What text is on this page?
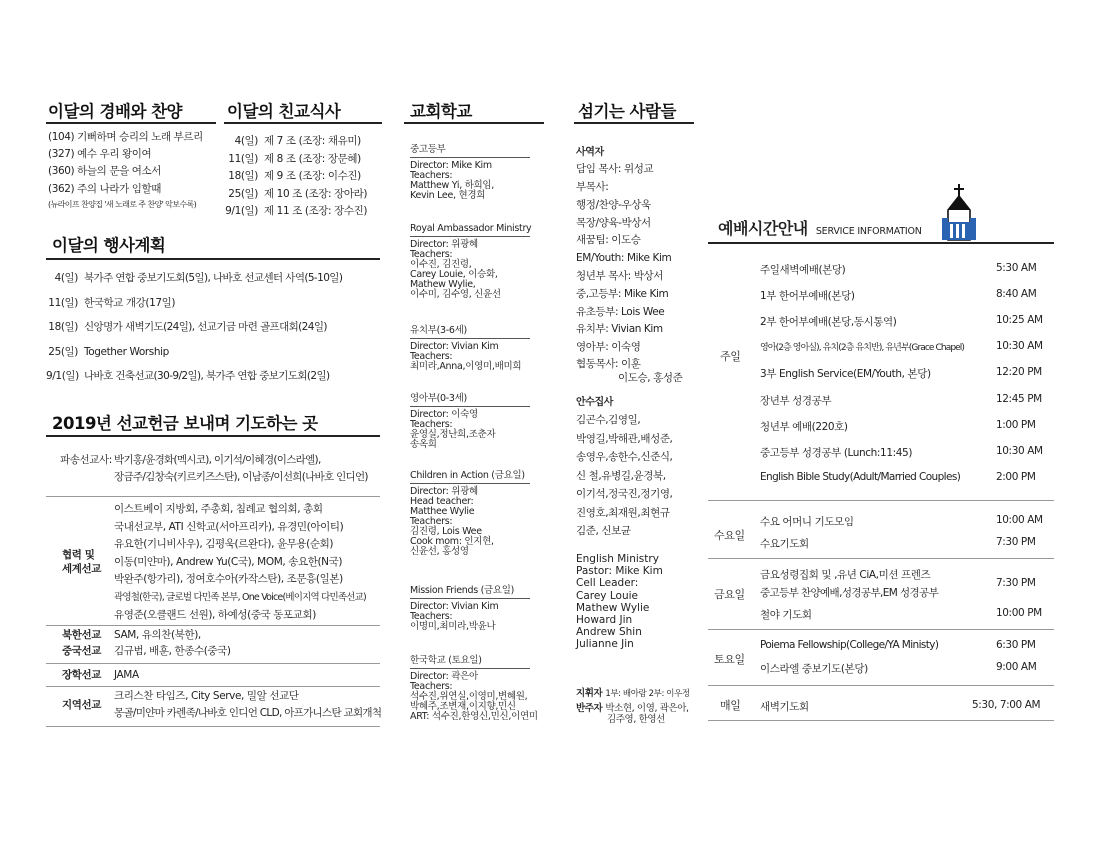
이달의 경배와 찬양
(104) 기뻐하며 승리의 노래 부르리
(327) 예수 우리 왕이여
(360) 하늘의 문을 여소서
(362) 주의 나라가 임할때
(뉴라이프 찬양집 '새 노래로 주 찬양' 악보수록)
이달의 친교식사
4(일) 제 7 조 (조장: 채유미)
11(일) 제 8 조 (조장: 장문혜)
18(일) 제 9 조 (조장: 이수진)
25(일) 제 10 조 (조장: 장아라)
9/1(일) 제 11 조 (조장: 장수진)
이달의 행사계획
4(일) 북가주 연합 중보기도회(5일), 나바호 선교센터 사역(5-10일)
11(일) 한국학교 개강(17일)
18(일) 신앙명가 새벽기도(24일), 선교기금 마련 골프대회(24일)
25(일) Together Worship
9/1(일) 나바호 건축선교(30-9/2일), 북가주 연합 중보기도회(2일)
2019년 선교헌금 보내며 기도하는 곳
파송선교사: 박기홍/윤경화(멕시코), 이기석/이혜경(이스라엘),
장금주/김창숙(키르키즈스탄), 이남종/이선희(나바호 인디언)
협력 및
세계선교
이스트베이 지방회, 주총회, 침례교 협의회, 총회
국내선교부, ATI 신학교(서아프리카), 유경민(아이티)
유요한(기니비사우), 김평욱(르완다), 윤무용(순회)
이동(미얀마), Andrew Yu(C국), MOM, 송요한(N국)
박완주(항가리), 정여호수아(카작스탄), 조문흥(일본)
곽영철(한국), 글로벌 다민족 본부, One Voice(베이지역 다민족선교)
유영준(오클랜드 선원), 하예성(중국 동포교회)
북한선교 SAM, 유의찬(북한),
중국선교 김규범, 배훈, 한종수(중국)
장학선교 JAMA
지역선교
크리스찬 타임즈, City Serve, 밀알 선교단
몽골/미얀마 카렌족/나바호 인디언 CLD, 아프가니스탄 교회개척
교회학교
중고등부
Director: Mike Kim
Teachers:
Matthew Yi, 하희임,
Kevin Lee, 현경희
Royal Ambassador Ministry
Director: 위광혜
Teachers:
이수진, 김진령,
Carey Louie, 이승화,
Mathew Wylie,
이수미, 김수영, 신윤선
유치부(3-6세)
Director: Vivian Kim
Teachers:
최미라,Anna,이영미,배미희
영아부(0-3세)
Director: 이숙영
Teachers:
윤영실,정난희,조춘자
송옥희
Children in Action (금요일)
Director: 위광혜
Head teacher:
Matthee Wylie
Teachers:
김진령, Lois Wee
Cook mom: 인지현,
신윤선, 홍성영
Mission Friends (금요일)
Director: Vivian Kim
Teachers:
이명미,최미라,박윤나
한국학교 (토요일)
Director: 곽은아
Teachers:
석수진,위연실,이영미,변혜원,
박혜주,조변재,이지향,민신
ART: 석수진,한영신,민신,이연미
섬기는 사람들
사역자
담임 목사: 위성교
부목사:
행정/찬양-우상욱
목장/양육-박상서
새꿈팀: 이도승
EM/Youth: Mike Kim
청년부 목사: 박상서
중,고등부: Mike Kim
유초등부: Lois Wee
유치부: Vivian Kim
영아부: 이숙영
협동목사: 이훈
이도승, 홍성준
안수집사
김곤수,김영일,
박영길,박해관,배성준,
송영우,송한수,신준식,
신 철,유병길,윤경북,
이기석,정국진,정기영,
진영호,최재원,최현규
김준, 신보균
English Ministry
Pastor: Mike Kim
Cell Leader:
Carey Louie
Mathew Wylie
Howard Jin
Andrew Shin
Julianne Jin
지휘자 1부: 배아람 2부: 이우정
반주자 박소현, 이영, 곽은아,
김주영, 한영선
예배시간안내 SERVICE INFORMATION
주일
주일새벽예배(본당)	5:30 AM
1부 한어부예배(본당)	8:40 AM
2부 한어부예배(본당,동시통역)	10:25 AM
영아(2층 영아실), 유치(2층 유치반), 유년부(Grace Chapel)	10:30 AM
3부 English Service(EM/Youth, 본당)	12:20 PM
장년부 성경공부	12:45 PM
청년부 예배(220호)	1:00 PM
중고등부 성경공부 (Lunch:11:45)	10:30 AM
English Bible Study(Adult/Married Couples)	2:00 PM
수요일
수요 어머니 기도모임	10:00 AM
수요기도회	7:30 PM
금요일
금요성령집회 및 ,유년 CiA,미션 프렌즈
중고등부 찬양예배,성경공부,EM 성경공부
7:30 PM
철야 기도회	10:00 PM
토요일
Poiema Fellowship(College/YA Ministy)	6:30 PM
이스라엘 중보기도(본당)	9:00 AM
매일 새벽기도회	5:30, 7:00 AM
